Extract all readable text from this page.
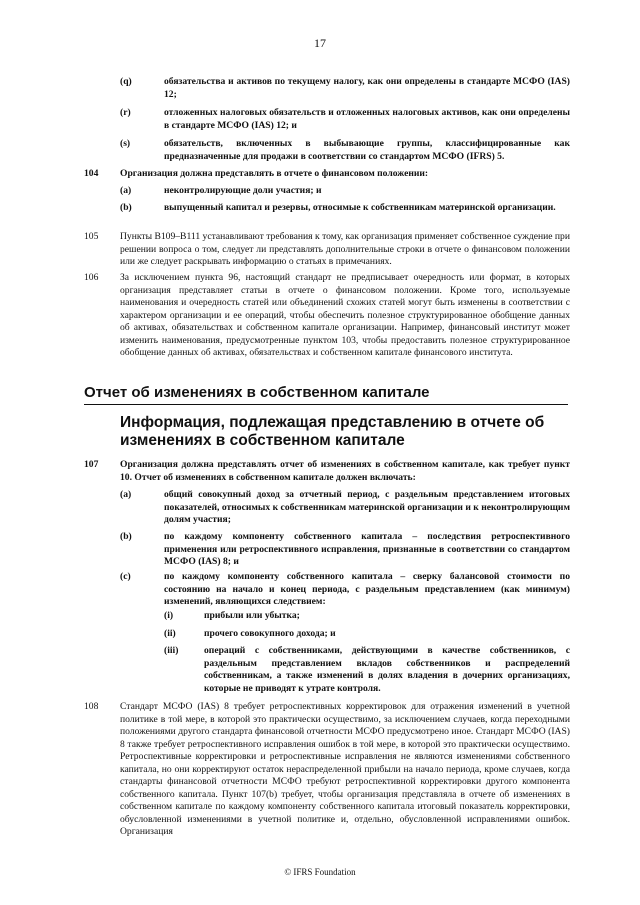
17
(q)	обязательства и активов по текущему налогу, как они определены в стандарте МСФО (IAS) 12;
(r)	отложенных налоговых обязательств и отложенных налоговых активов, как они определены в стандарте МСФО (IAS) 12; и
(s)	обязательств, включенных в выбывающие группы, классифицированные как предназначенные для продажи в соответствии со стандартом МСФО (IFRS) 5.
104 Организация должна представлять в отчете о финансовом положении:
(a)	неконтролирующие доли участия; и
(b)	выпущенный капитал и резервы, относимые к собственникам материнской организации.
105 Пункты В109–В111 устанавливают требования к тому, как организация применяет собственное суждение при решении вопроса о том, следует ли представлять дополнительные строки в отчете о финансовом положении или же следует раскрывать информацию о статьях в примечаниях.
106 За исключением пункта 96, настоящий стандарт не предписывает очередность или формат, в которых организация представляет статьи в отчете о финансовом положении. Кроме того, используемые наименования и очередность статей или объединений схожих статей могут быть изменены в соответствии с характером организации и ее операций, чтобы обеспечить полезное структурированное обобщение данных об активах, обязательствах и собственном капитале организации. Например, финансовый институт может изменить наименования, предусмотренные пунктом 103, чтобы предоставить полезное структурированное обобщение данных об активах, обязательствах и собственном капитале финансового института.
Отчет об изменениях в собственном капитале
Информация, подлежащая представлению в отчете об изменениях в собственном капитале
107 Организация должна представлять отчет об изменениях в собственном капитале, как требует пункт 10. Отчет об изменениях в собственном капитале должен включать:
(a)	общий совокупный доход за отчетный период, с раздельным представлением итоговых показателей, относимых к собственникам материнской организации и к неконтролирующим долям участия;
(b)	по каждому компоненту собственного капитала – последствия ретроспективного применения или ретроспективного исправления, признанные в соответствии со стандартом МСФО (IAS) 8; и
(c)	по каждому компоненту собственного капитала – сверку балансовой стоимости по состоянию на начало и конец периода, с раздельным представлением (как минимум) изменений, являющихся следствием:
(i)	прибыли или убытка;
(ii)	прочего совокупного дохода; и
(iii)	операций с собственниками, действующими в качестве собственников, с раздельным представлением вкладов собственников и распределений собственникам, а также изменений в долях владения в дочерних организациях, которые не приводят к утрате контроля.
108 Стандарт МСФО (IAS) 8 требует ретроспективных корректировок для отражения изменений в учетной политике в той мере, в которой это практически осуществимо, за исключением случаев, когда переходными положениями другого стандарта финансовой отчетности МСФО предусмотрено иное. Стандарт МСФО (IAS) 8 также требует ретроспективного исправления ошибок в той мере, в которой это практически осуществимо. Ретроспективные корректировки и ретроспективные исправления не являются изменениями собственного капитала, но они корректируют остаток нераспределенной прибыли на начало периода, кроме случаев, когда стандарты финансовой отчетности МСФО требуют ретроспективной корректировки другого компонента собственного капитала. Пункт 107(b) требует, чтобы организация представляла в отчете об изменениях в собственном капитале по каждому компоненту собственного капитала итоговый показатель корректировки, обусловленной изменениями в учетной политике и, отдельно, обусловленной исправлениями ошибок. Организация
© IFRS Foundation
